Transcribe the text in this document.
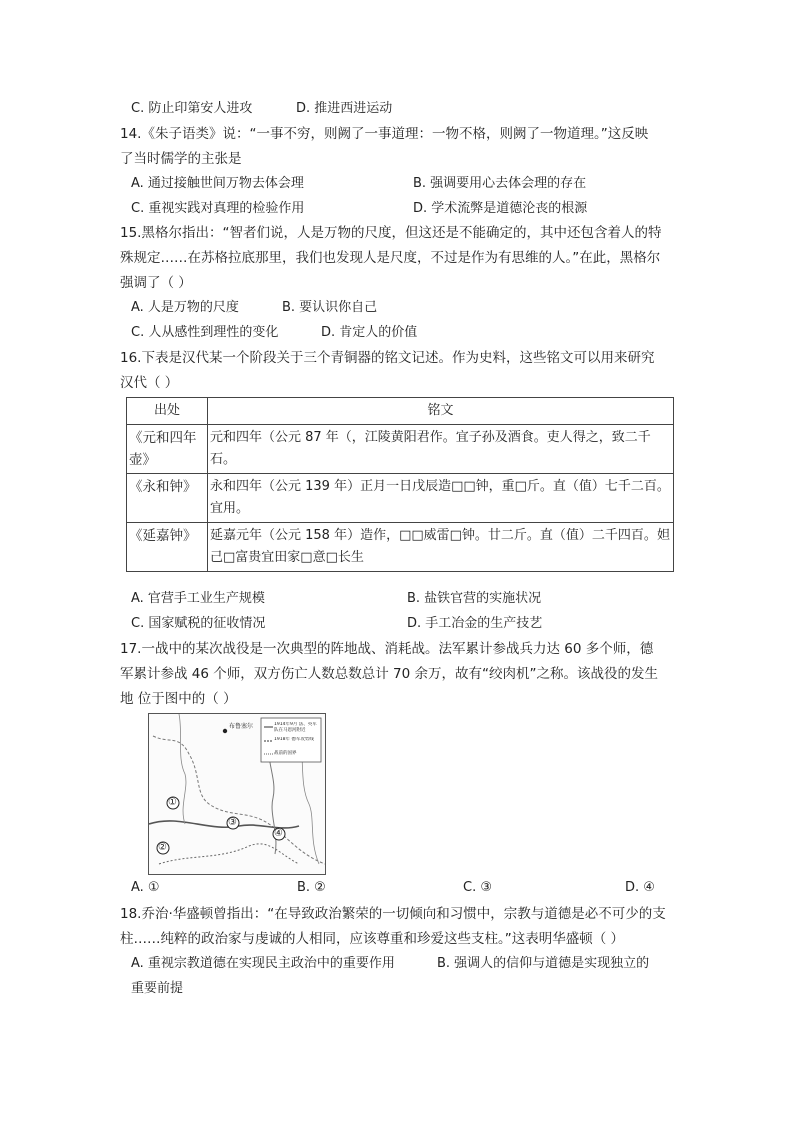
C. 防止印第安人进攻	D. 推进西进运动
14.《朱子语类》说：“一事不穷，则阙了一事道理：一物不格，则阙了一物道理。”这反映
了当时儒学的主张是
A. 通过接触世间万物去体会理	B. 强调要用心去体会理的存在
C. 重视实践对真理的检验作用	D. 学术流弊是道德沦丧的根源
15.黑格尔指出：“智者们说，人是万物的尺度，但这还是不能确定的，其中还包含着人的特
殊规定……在苏格拉底那里，我们也发现人是尺度，不过是作为有思维的人。”在此，黑格尔
强调了（ ）
A. 人是万物的尺度	B. 要认识你自己
C. 人从感性到理性的变化	D. 肯定人的价值
16.下表是汉代某一个阶段关于三个青铜器的铭文记述。作为史料，这些铭文可以用来研究
汉代（ ）
出处	铭文
《元和四年壶》	元和四年（公元 87 年（，江陵黄阳君作。宜子孙及酒食。吏人得之，致二千石。
《永和钟》	永和四年（公元 139 年）正月一日戊辰造□□钟，重□斤。直（值）七千二百。宜用。
《延嘉钟》	延嘉元年（公元 158 年）造作，□□威雷□钟。廿二斤。直（值）二千四百。妲己□富贵宜田家□意□长生
A. 官营手工业生产规模	B. 盐铁官营的实施状况
C. 国家赋税的征收情况	D. 手工冶金的生产技艺
17.一战中的某次战役是一次典型的阵地战、消耗战。法军累计参战兵力达 60 多个师，德
军累计参战 46 个师，双方伤亡人数总数总计 70 余万，故有“绞肉机”之称。该战役的发生
地 位于图中的（ ）
布鲁塞尔	1914年9月 法、英军队在马恩河附近
1918年 德军攻势线
战前的国界
①
②
③
④
A. ①	B. ②	C. ③	D. ④
18.乔治·华盛顿曾指出：“在导致政治繁荣的一切倾向和习惯中，宗教与道德是必不可少的支
柱……纯粹的政治家与虔诚的人相同，应该尊重和珍爱这些支柱。”这表明华盛顿（ ）
A. 重视宗教道德在实现民主政治中的重要作用	B. 强调人的信仰与道德是实现独立的
重要前提
